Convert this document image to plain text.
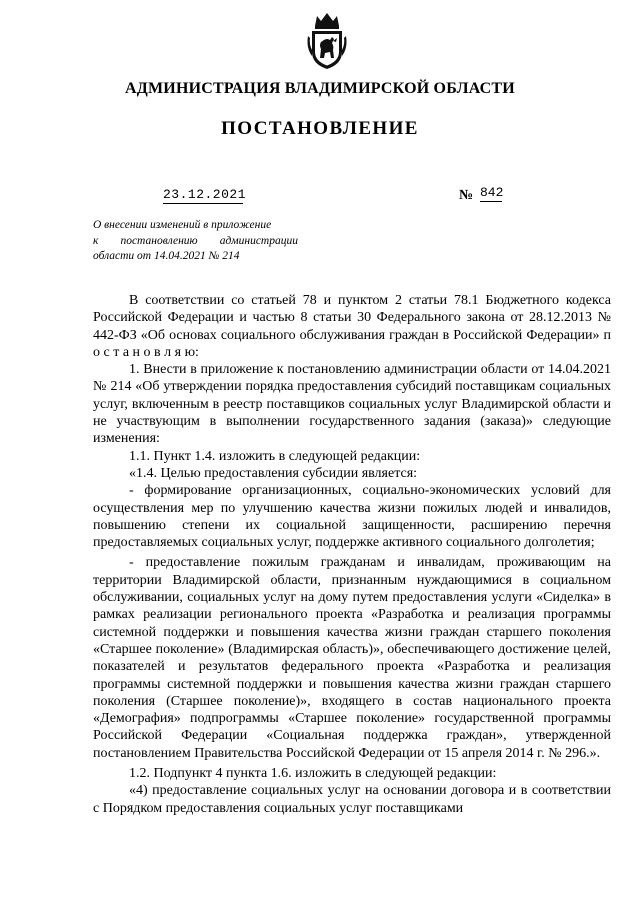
АДМИНИСТРАЦИЯ ВЛАДИМИРСКОЙ ОБЛАСТИ
ПОСТАНОВЛЕНИЕ
23.12.2021	№ 842
О внесении изменений в приложение
к постановлению администрации
области от 14.04.2021 № 214

В соответствии со статьей 78 и пунктом 2 статьи 78.1 Бюджетного кодекса Российской Федерации и частью 8 статьи 30 Федерального закона от 28.12.2013 № 442-ФЗ «Об основах социального обслуживания граждан в Российской Федерации» п о с т а н о в л я ю:

1. Внести в приложение к постановлению администрации области от 14.04.2021 № 214 «Об утверждении порядка предоставления субсидий поставщикам социальных услуг, включенным в реестр поставщиков социальных услуг Владимирской области и не участвующим в выполнении государственного задания (заказа)» следующие изменения:

1.1. Пункт 1.4. изложить в следующей редакции:

«1.4. Целью предоставления субсидии является:

- формирование организационных, социально-экономических условий для осуществления мер по улучшению качества жизни пожилых людей и инвалидов, повышению степени их социальной защищенности, расширению перечня предоставляемых социальных услуг, поддержке активного социального долголетия;

- предоставление пожилым гражданам и инвалидам, проживающим на территории Владимирской области, признанным нуждающимися в социальном обслуживании, социальных услуг на дому путем предоставления услуги «Сиделка» в рамках реализации регионального проекта «Разработка и реализация программы системной поддержки и повышения качества жизни граждан старшего поколения «Старшее поколение» (Владимирская область)», обеспечивающего достижение целей, показателей и результатов федерального проекта «Разработка и реализация программы системной поддержки и повышения качества жизни граждан старшего поколения (Старшее поколение)», входящего в состав национального проекта «Демография» подпрограммы «Старшее поколение» государственной программы Российской Федерации «Социальная поддержка граждан», утвержденной постановлением Правительства Российской Федерации от 15 апреля 2014 г. № 296.».

1.2. Подпункт 4 пункта 1.6. изложить в следующей редакции:

«4) предоставление социальных услуг на основании договора и в соответствии с Порядком предоставления социальных услуг поставщиками
